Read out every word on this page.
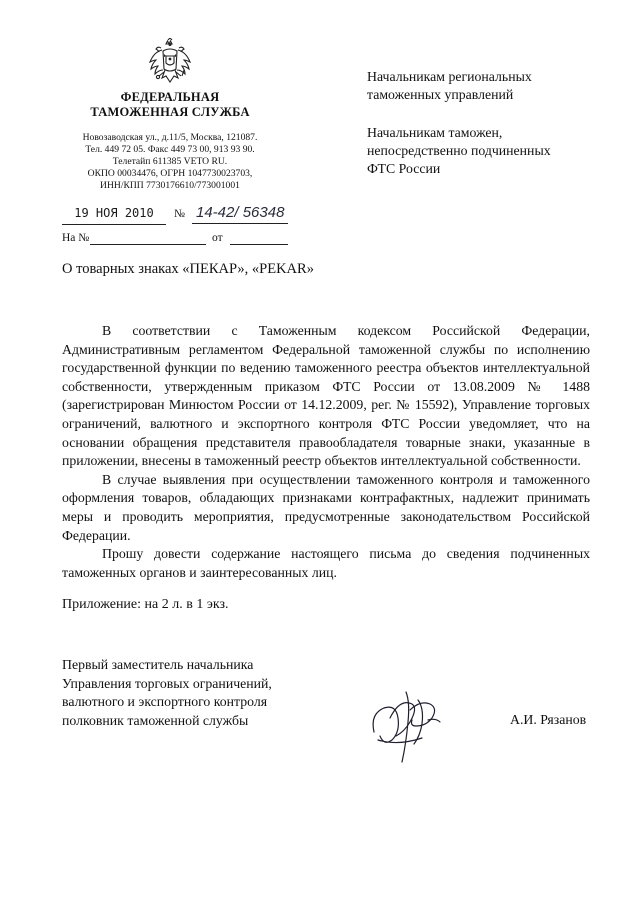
ФЕДЕРАЛЬНАЯ
ТАМОЖЕННАЯ СЛУЖБА
Новозаводская ул., д.11/5, Москва, 121087.
Тел. 449 72 05. Факс 449 73 00, 913 93 90.
Телетайп 611385 VETO RU.
ОКПО 00034476, ОГРН 1047730023703,
ИНН/КПП 7730176610/773001001
19 НОЯ 2010	№ 14-42/ 56348
На №	от
Начальникам региональных
таможенных управлений
Начальникам таможен,
непосредственно подчиненных
ФТС России
О товарных знаках «ПЕКАР», «PEKAR»

В соответствии с Таможенным кодексом Российской Федерации, Административным регламентом Федеральной таможенной службы по исполнению государственной функции по ведению таможенного реестра объектов интеллектуальной собственности, утвержденным приказом ФТС России от 13.08.2009 № 1488 (зарегистрирован Минюстом России от 14.12.2009, рег. № 15592), Управление торговых ограничений, валютного и экспортного контроля ФТС России уведомляет, что на основании обращения представителя правообладателя товарные знаки, указанные в приложении, внесены в таможенный реестр объектов интеллектуальной собственности.

В случае выявления при осуществлении таможенного контроля и таможенного оформления товаров, обладающих признаками контрафактных, надлежит принимать меры и проводить мероприятия, предусмотренные законодательством Российской Федерации.

Прошу довести содержание настоящего письма до сведения подчиненных таможенных органов и заинтересованных лиц.

Приложение: на 2 л. в 1 экз.
Первый заместитель начальника
Управления торговых ограничений,
валютного и экспортного контроля
полковник таможенной службы	А.И. Рязанов
